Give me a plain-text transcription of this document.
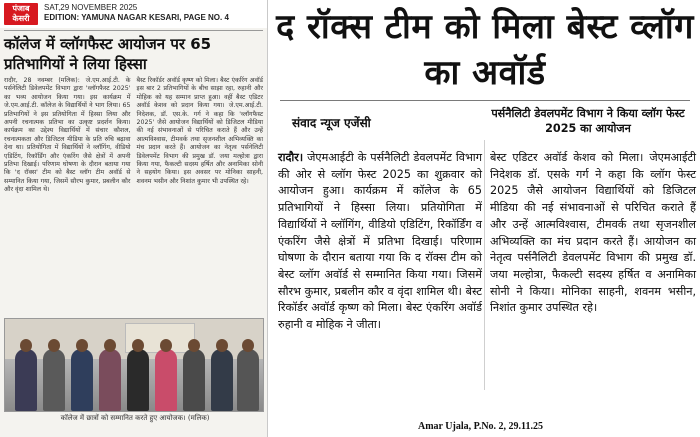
पंजाब केसरी
SAT,29 NOVEMBER 2025
EDITION: YAMUNA NAGAR KESARI, PAGE NO. 4
कॉलेज में व्लॉगफैस्ट आयोजन पर 65 प्रतिभागियों ने लिया हिस्सा
रादौर, 28 नवम्बर (मलिक): जे.एम.आई.टी. के पर्सनेलिटी डिवेलपमेंट विभाग द्वारा 'व्लॉगफैस्ट 2025' का भव्य आयोजन किया गया। इस कार्यक्रम में जे.एम.आई.टी. कॉलेज के विद्यार्थियों ने भाग लिया। 65 प्रतिभागियों ने इस प्रतियोगिता में हिस्सा लिया और अपनी रचनात्मक प्रतिभा का उत्कृष्ट प्रदर्शन किया। कार्यक्रम का उद्देश्य विद्यार्थियों में संचार कौशल, रचनात्मकता और डिजिटल मीडिया के प्रति रुचि बढ़ावा देना था। प्रतियोगिता में विद्यार्थियों ने व्लॉगिंग, वीडियो एडिटिंग, रिकॉर्डिंग और एंकरिंग जैसे क्षेत्रों में अपनी प्रतिभा दिखाई। परिणाम घोषणा के दौरान बताया गया कि 'द रॉक्स' टीम को बैस्ट व्लॉग टीम अवॉर्ड से सम्मानित किया गया, जिसमें सौरभ कुमार, प्रबलीन कौर और वृंदा शामिल थे।
बैस्ट रिकॉर्डर अवॉर्ड कृष्ण को मिला। बैस्ट एंकरिंग अवॉर्ड इस बार 2 प्रतिभागियों के बीच साझा रहा, रुहानी और मोहिक को यह सम्मान प्राप्त हुआ। वहीं बैस्ट एडिटर अवॉर्ड केशव को प्रदान किया गया। जे.एम.आई.टी. निदेशक, डॉ. एस.के. गर्ग ने कहा कि 'व्लॉगफैस्ट 2025' जैसे आयोजन विद्यार्थियों को डिजिटल मीडिया की नई संभावनाओं से परिचित कराते हैं और उन्हें आत्मविश्वास, टीमवर्क तथा सृजनशील अभिव्यक्ति का मंच प्रदान करते हैं। आयोजन का नेतृत्व पर्सनेलिटी डिवेलपमेंट विभाग की प्रमुख डॉ. जया मल्होत्रा द्वारा किया गया, फैकल्टी सदस्य हर्षित और अनामिका सोनी ने सहयोग किया। इस अवसर पर मोनिका साहनी, शवनम भसीन और निशांत कुमार भी उपस्थित रहे।
कॉलेज में छात्रों को सम्मानित करते हुए आयोजक। (मलिक)
द रॉक्स टीम को मिला बेस्ट व्लॉग का अवॉर्ड
संवाद न्यूज एजेंसी
पर्सनैलिटी डेवलपमेंट विभाग ने किया व्लॉग फेस्ट 2025 का आयोजन
रादौर। जेएमआईटी के पर्सनैलिटी डेवलपमेंट विभाग की ओर से व्लॉग फेस्ट 2025 का शुक्रवार को आयोजन हुआ। कार्यक्रम में कॉलेज के 65 प्रतिभागियों ने हिस्सा लिया। प्रतियोगिता में विद्यार्थियों ने व्लॉगिंग, वीडियो एडिटिंग, रिकॉर्डिंग व एंकरिंग जैसे क्षेत्रों में प्रतिभा दिखाई। परिणाम घोषणा के दौरान बताया गया कि द रॉक्स टीम को बेस्ट व्लॉग अवॉर्ड से सम्मानित किया गया। जिसमें सौरभ कुमार, प्रबलीन कौर व वृंदा शामिल थी। बेस्ट रिकॉर्डर अवॉर्ड कृष्ण को मिला। बेस्ट एंकरिंग अवॉर्ड रुहानी व मोहिक ने जीता।
बेस्ट एडिटर अवॉर्ड केशव को मिला। जेएमआईटी निदेशक डॉ. एसके गर्ग ने कहा कि व्लॉग फेस्ट 2025 जैसे आयोजन विद्यार्थियों को डिजिटल मीडिया की नई संभावनाओं से परिचित कराते हैं और उन्हें आत्मविश्वास, टीमवर्क तथा सृजनशील अभिव्यक्ति का मंच प्रदान करते हैं। आयोजन का नेतृत्व पर्सनैलिटी डेवलपमेंट विभाग की प्रमुख डॉ. जया मल्होत्रा, फैकल्टी सदस्य हर्षित व अनामिका सोनी ने किया। मोनिका साहनी, शवनम भसीन, निशांत कुमार उपस्थित रहे।
Amar Ujala, P.No. 2, 29.11.25
